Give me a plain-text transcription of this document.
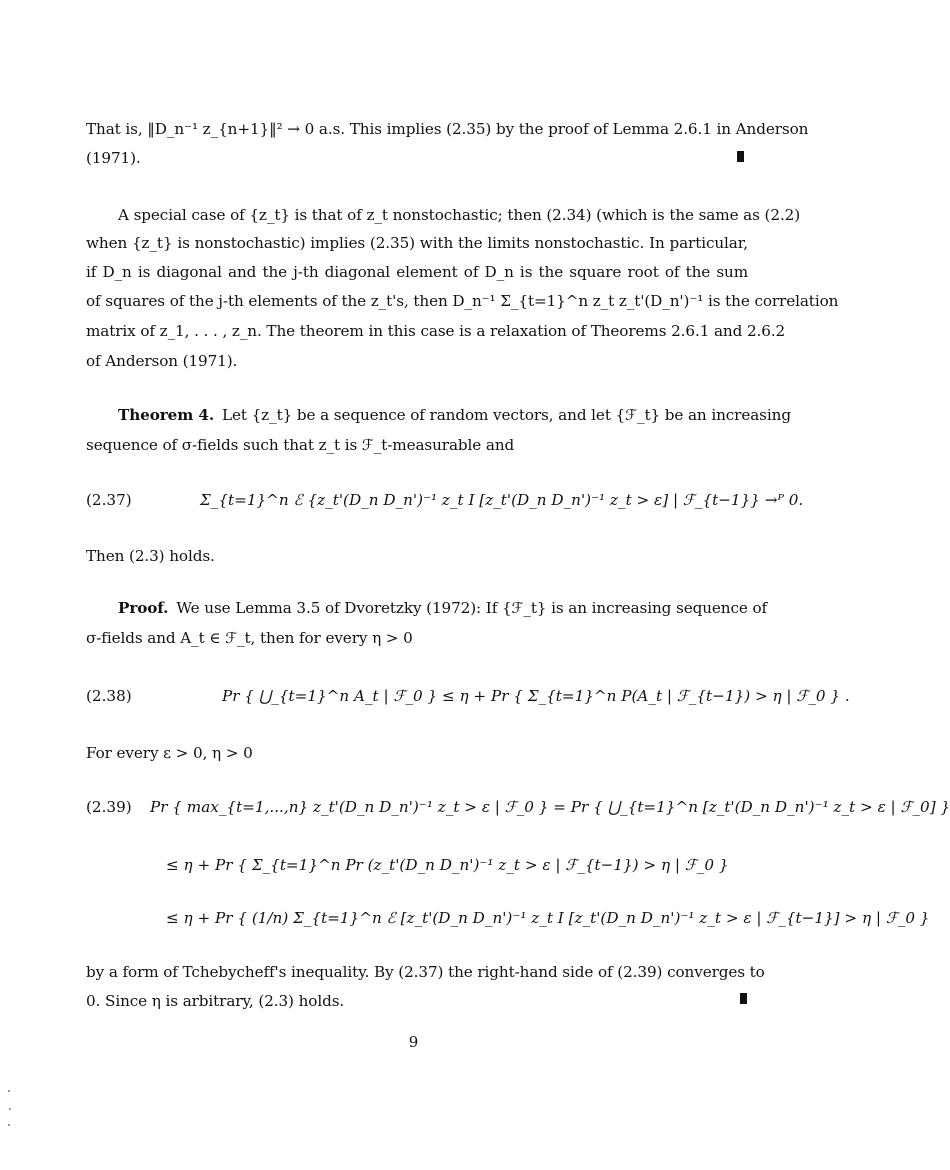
That is, ‖D_n⁻¹ z_{n+1}‖² → 0 a.s. This implies (2.35) by the proof of Lemma 2.6.1 in Anderson
(1971).
A special case of {z_t} is that of z_t nonstochastic; then (2.34) (which is the same as (2.2)
when {z_t} is nonstochastic) implies (2.35) with the limits nonstochastic. In particular,
if D_n is diagonal and the j-th diagonal element of D_n is the square root of the sum
of squares of the j-th elements of the z_t's, then D_n⁻¹ Σ_{t=1}^n z_t z_t'(D_n')⁻¹ is the correlation
matrix of z_1, . . . , z_n. The theorem in this case is a relaxation of Theorems 2.6.1 and 2.6.2
of Anderson (1971).
Theorem 4. Let {z_t} be a sequence of random vectors, and let {ℱ_t} be an increasing
sequence of σ-fields such that z_t is ℱ_t-measurable and
(2.37)	Σ_{t=1}^n ℰ {z_t'(D_n D_n')⁻¹ z_t I [z_t'(D_n D_n')⁻¹ z_t > ε] | ℱ_{t−1}} →ᴾ 0.
Then (2.3) holds.
Proof. We use Lemma 3.5 of Dvoretzky (1972): If {ℱ_t} is an increasing sequence of
σ-fields and A_t ∈ ℱ_t, then for every η > 0
(2.38)	Pr { ⋃_{t=1}^n A_t | ℱ_0 } ≤ η + Pr { Σ_{t=1}^n P(A_t | ℱ_{t−1}) > η | ℱ_0 } .
For every ε > 0, η > 0
(2.39) Pr { max_{t=1,...,n} z_t'(D_n D_n')⁻¹ z_t > ε | ℱ_0 } = Pr { ⋃_{t=1}^n [z_t'(D_n D_n')⁻¹ z_t > ε | ℱ_0] }
≤ η + Pr { Σ_{t=1}^n Pr (z_t'(D_n D_n')⁻¹ z_t > ε | ℱ_{t−1}) > η | ℱ_0 }
≤ η + Pr { (1/n) Σ_{t=1}^n ℰ [z_t'(D_n D_n')⁻¹ z_t I [z_t'(D_n D_n')⁻¹ z_t > ε | ℱ_{t−1}] > η | ℱ_0 }
by a form of Tchebycheff's inequality. By (2.37) the right-hand side of (2.39) converges to
0. Since η is arbitrary, (2.3) holds.
9
